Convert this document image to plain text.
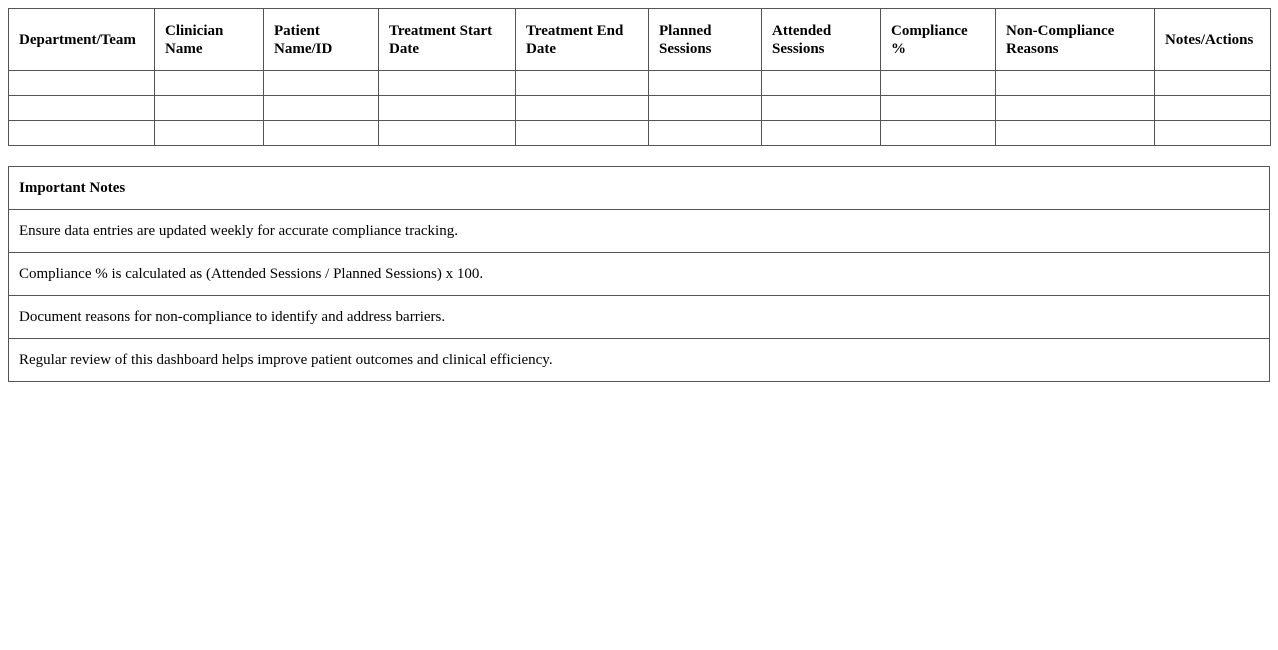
Department/Team	Clinician Name	Patient Name/ID	Treatment Start Date	Treatment End Date	Planned Sessions	Attended Sessions	Compliance %	Non-Compliance Reasons	Notes/Actions

Important Notes
Ensure data entries are updated weekly for accurate compliance tracking.
Compliance % is calculated as (Attended Sessions / Planned Sessions) x 100.
Document reasons for non-compliance to identify and address barriers.
Regular review of this dashboard helps improve patient outcomes and clinical efficiency.
